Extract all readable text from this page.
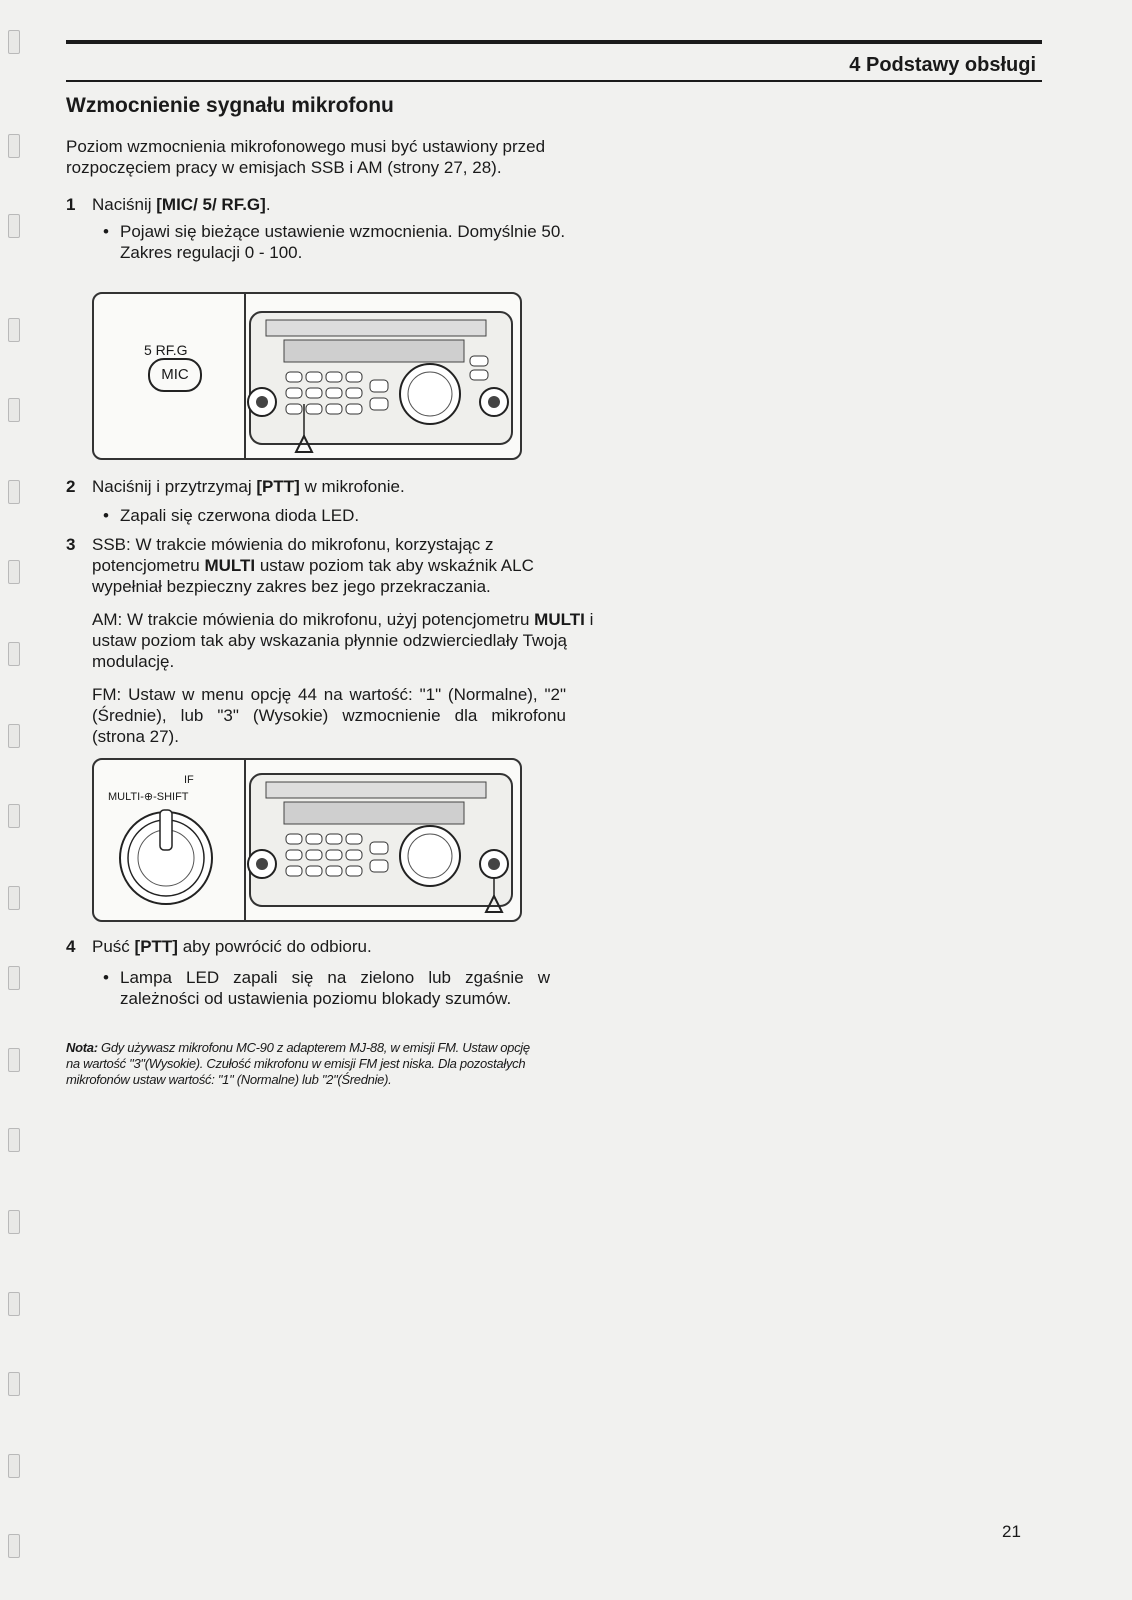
4 Podstawy obsługi
Wzmocnienie sygnału mikrofonu

Poziom wzmocnienia mikrofonowego musi być ustawiony przed rozpoczęciem pracy w emisjach SSB i AM (strony 27, 28).

1 Naciśnij [MIC/ 5/ RF.G].
• Pojawi się bieżące ustawienie wzmocnienia. Domyślnie 50. Zakres regulacji 0 - 100.
5 RF.G
MIC
2 Naciśnij i przytrzymaj [PTT] w mikrofonie.
• Zapali się czerwona dioda LED.
3 SSB: W trakcie mówienia do mikrofonu, korzystając z potencjometru MULTI ustaw poziom tak aby wskaźnik ALC wypełniał bezpieczny zakres bez jego przekraczania.

AM: W trakcie mówienia do mikrofonu, użyj potencjometru MULTI i ustaw poziom tak aby wskazania płynnie odzwierciedlały Twoją modulację.

FM: Ustaw w menu opcję 44 na wartość: "1" (Normalne), "2" (Średnie), lub "3" (Wysokie) wzmocnienie dla mikrofonu (strona 27).

IF
MULTI-⊕-SHIFT
4 Puść [PTT] aby powrócić do odbioru.
• Lampa LED zapali się na zielono lub zgaśnie w zależności od ustawienia poziomu blokady szumów.
Nota: Gdy używasz mikrofonu MC-90 z adapterem MJ-88, w emisji FM. Ustaw opcję na wartość "3"(Wysokie). Czułość mikrofonu w emisji FM jest niska. Dla pozostałych mikrofonów ustaw wartość: "1" (Normalne) lub "2"(Średnie).
21
